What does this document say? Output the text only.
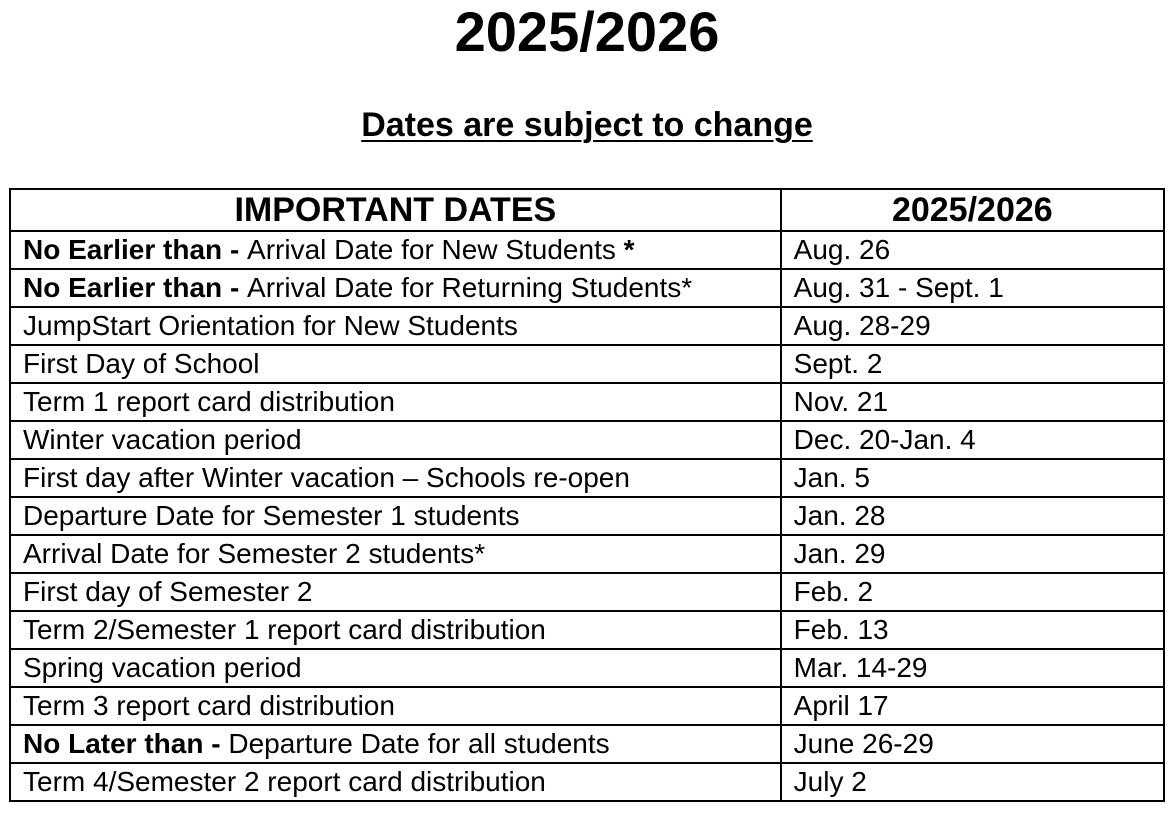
2025/2026
Dates are subject to change
IMPORTANT DATES	2025/2026
No Earlier than - Arrival Date for New Students *	Aug. 26
No Earlier than - Arrival Date for Returning Students*	Aug. 31 - Sept. 1
JumpStart Orientation for New Students	Aug. 28-29
First Day of School	Sept. 2
Term 1 report card distribution	Nov. 21
Winter vacation period	Dec. 20-Jan. 4
First day after Winter vacation – Schools re-open	Jan. 5
Departure Date for Semester 1 students	Jan. 28
Arrival Date for Semester 2 students*	Jan. 29
First day of Semester 2	Feb. 2
Term 2/Semester 1 report card distribution	Feb. 13
Spring vacation period	Mar. 14-29
Term 3 report card distribution	April 17
No Later than - Departure Date for all students	June 26-29
Term 4/Semester 2 report card distribution	July 2
